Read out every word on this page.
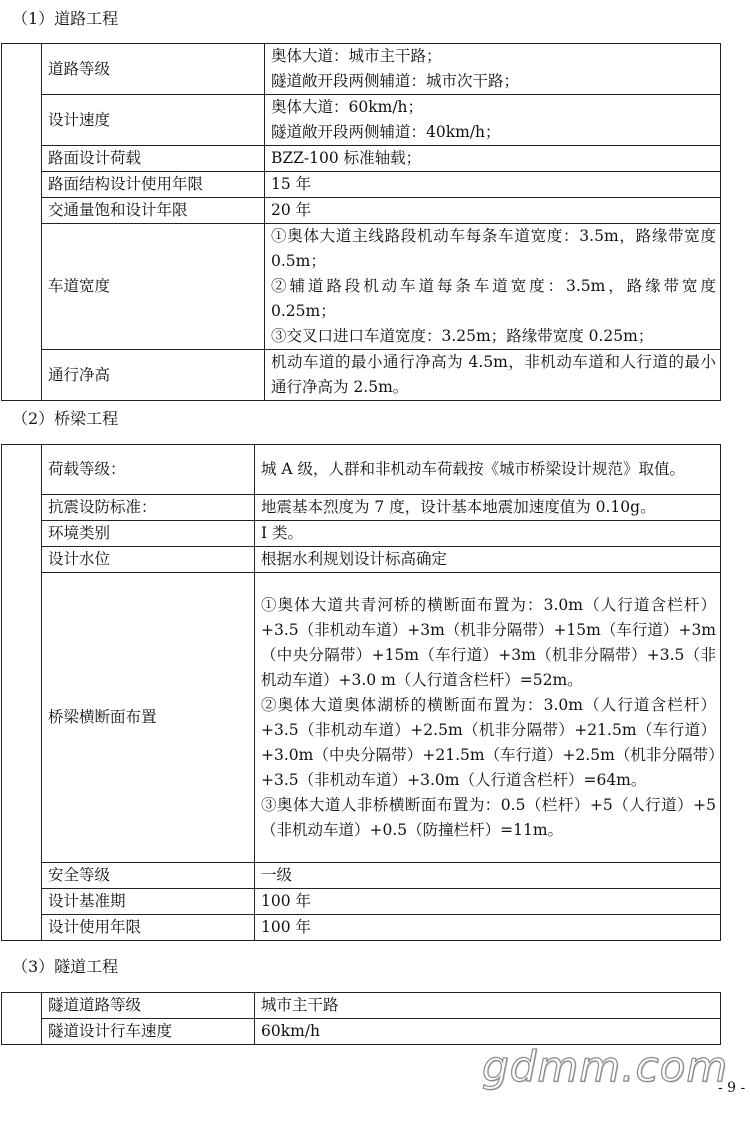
（1）道路工程
	道路等级	奥体大道：城市主干路；
隧道敞开段两侧辅道：城市次干路；

	设计速度	奥体大道：60km/h；
隧道敞开段两侧辅道：40km/h；

	路面设计荷载	BZZ-100 标准轴载；

	路面结构设计使用年限	15 年

	交通量饱和设计年限	20 年

	车道宽度	①奥体大道主线路段机动车每条车道宽度：3.5m，路缘带宽度 0.5m；
②辅道路段机动车道每条车道宽度：3.5m，路缘带宽度 0.25m；
③交叉口进口车道宽度：3.25m；路缘带宽度 0.25m；

	通行净高	机动车道的最小通行净高为 4.5m，非机动车道和人行道的最小通行净高为 2.5m。
（2）桥梁工程
	荷载等级：	城 A 级，人群和非机动车荷载按《城市桥梁设计规范》取值。

	抗震设防标准：	地震基本烈度为 7 度，设计基本地震加速度值为 0.10g。

	环境类别	I 类。

	设计水位	根据水利规划设计标高确定

	桥梁横断面布置	①奥体大道共青河桥的横断面布置为：3.0m（人行道含栏杆）+3.5（非机动车道）+3m（机非分隔带）+15m（车行道）+3m（中央分隔带）+15m（车行道）+3m（机非分隔带）+3.5（非机动车道）+3.0 m（人行道含栏杆）=52m。
②奥体大道奥体湖桥的横断面布置为：3.0m（人行道含栏杆）+3.5（非机动车道）+2.5m（机非分隔带）+21.5m（车行道）+3.0m（中央分隔带）+21.5m（车行道）+2.5m（机非分隔带）+3.5（非机动车道）+3.0m（人行道含栏杆）=64m。
③奥体大道人非桥横断面布置为：0.5（栏杆）+5（人行道）+5（非机动车道）+0.5（防撞栏杆）=11m。

	安全等级	一级

	设计基准期	100 年

	设计使用年限	100 年
（3）隧道工程
	隧道道路等级	城市主干路

	隧道设计行车速度	60km/h
gdmm.com
- 9 -
